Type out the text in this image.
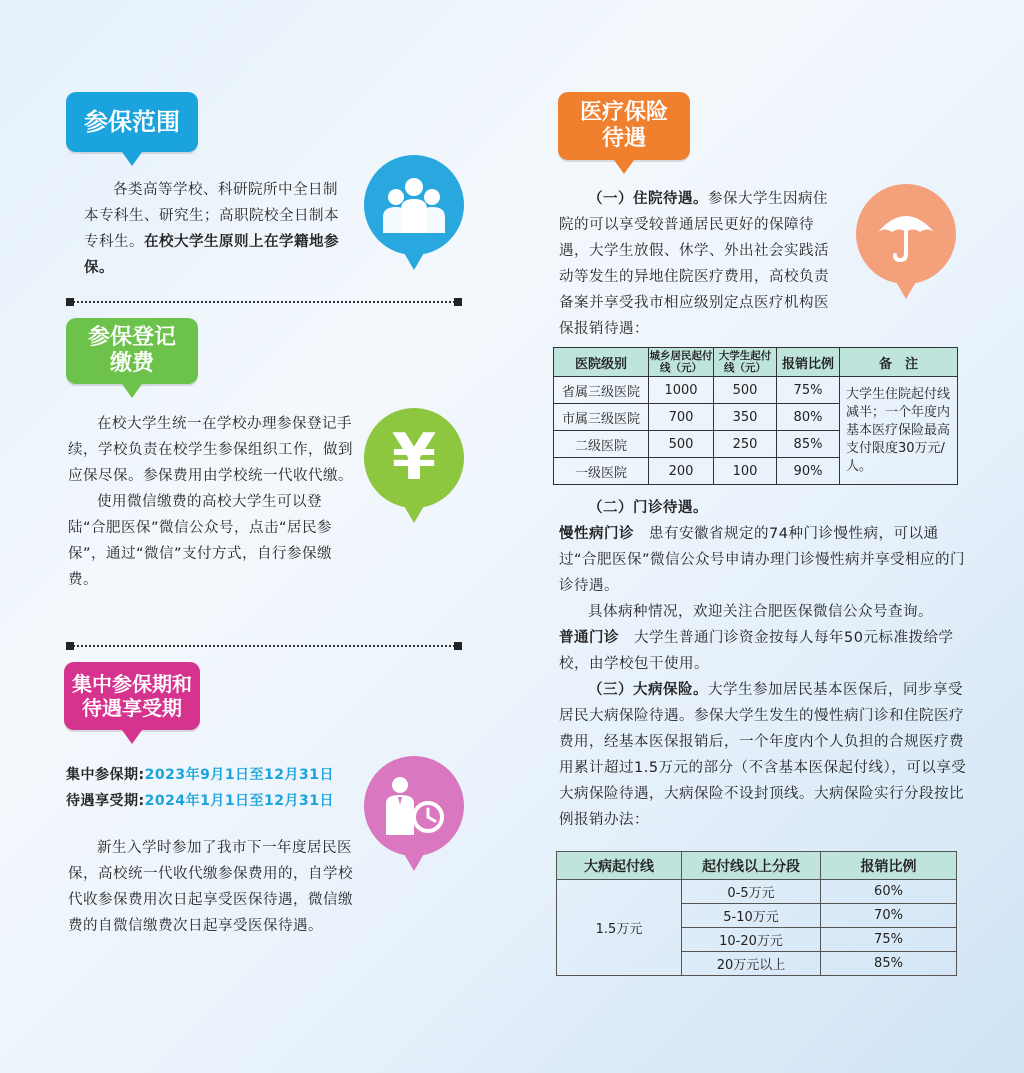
参保范围

各类高等学校、科研院所中全日制本专科生、研究生；高职院校全日制本专科生。在校大学生原则上在学籍地参保。

参保登记
缴费
¥

在校大学生统一在学校办理参保登记手续，学校负责在校学生参保组织工作，做到应保尽保。参保费用由学校统一代收代缴。

使用微信缴费的高校大学生可以登陆“合肥医保”微信公众号，点击“居民参保”，通过“微信”支付方式，自行参保缴费。

集中参保期和
待遇享受期

集中参保期:2023年9月1日至12月31日

待遇享受期:2024年1月1日至12月31日

新生入学时参加了我市下一年度居民医保，高校统一代收代缴参保费用的，自学校代收参保费用次日起享受医保待遇，微信缴费的自微信缴费次日起享受医保待遇。

医疗保险
待遇

（一）住院待遇。参保大学生因病住院的可以享受较普通居民更好的保障待遇，大学生放假、休学、外出社会实践活动等发生的异地住院医疗费用，高校负责备案并享受我市相应级别定点医疗机构医保报销待遇：

医院级别	城乡居民起付线（元）	大学生起付线（元）	报销比例	备　注
省属三级医院	1000	500	75%	大学生住院起付线减半；一个年度内基本医疗保险最高支付限度30万元/人。
市属三级医院	700	350	80%	
二级医院	500	250	85%	
一级医院	200	100	90%	

（二）门诊待遇。

慢性病门诊　 患有安徽省规定的74种门诊慢性病，可以通过“合肥医保”微信公众号申请办理门诊慢性病并享受相应的门诊待遇。

具体病种情况，欢迎关注合肥医保微信公众号查询。

普通门诊　 大学生普通门诊资金按每人每年50元标准拨给学校，由学校包干使用。

（三）大病保险。大学生参加居民基本医保后，同步享受居民大病保险待遇。参保大学生发生的慢性病门诊和住院医疗费用，经基本医保报销后，一个年度内个人负担的合规医疗费用累计超过1.5万元的部分（不含基本医保起付线），可以享受大病保险待遇，大病保险不设封顶线。大病保险实行分段按比例报销办法：

大病起付线	起付线以上分段	报销比例
1.5万元	0-5万元	60%
	5-10万元	70%
	10-20万元	75%
	20万元以上	85%
